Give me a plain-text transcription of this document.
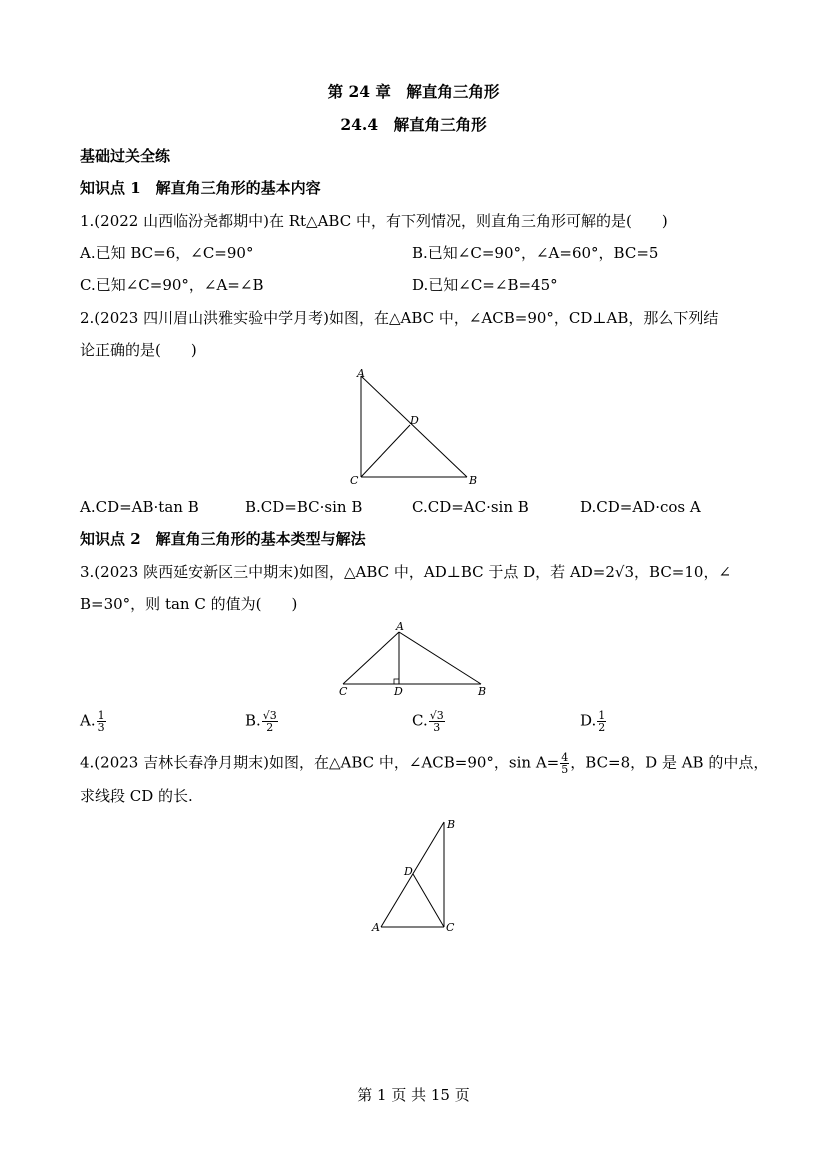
第 24 章　解直角三角形
24.4　解直角三角形
基础过关全练
知识点 1　解直角三角形的基本内容
1.(2022 山西临汾尧都期中)在 Rt△ABC 中，有下列情况，则直角三角形可解的是(　　)
A.已知 BC=6，∠C=90°	B.已知∠C=90°，∠A=60°，BC=5
C.已知∠C=90°，∠A=∠B	D.已知∠C=∠B=45°
2.(2023 四川眉山洪雅实验中学月考)如图，在△ABC 中，∠ACB=90°，CD⊥AB，那么下列结
论正确的是(　　)
A
D
C	B
A.CD=AB·tan B	B.CD=BC·sin B	C.CD=AC·sin B	D.CD=AD·cos A
知识点 2　解直角三角形的基本类型与解法
3.(2023 陕西延安新区三中期末)如图，△ABC 中，AD⊥BC 于点 D，若 AD=2√3，BC=10，∠
B=30°，则 tan C 的值为(　　)
A
C	D	B
A. $\frac{1}{3}$	B. $\frac{√3}{2}$	C. $\frac{√3}{3}$	D. $\frac{1}{2}$
4.(2023 吉林长春净月期末)如图，在△ABC 中，∠ACB=90°，$\sin A= \frac{4}{5}$ ，BC=8，D 是 AB 的中点，
求线段 CD 的长.
B
D
A	C
第 1 页 共 15 页
